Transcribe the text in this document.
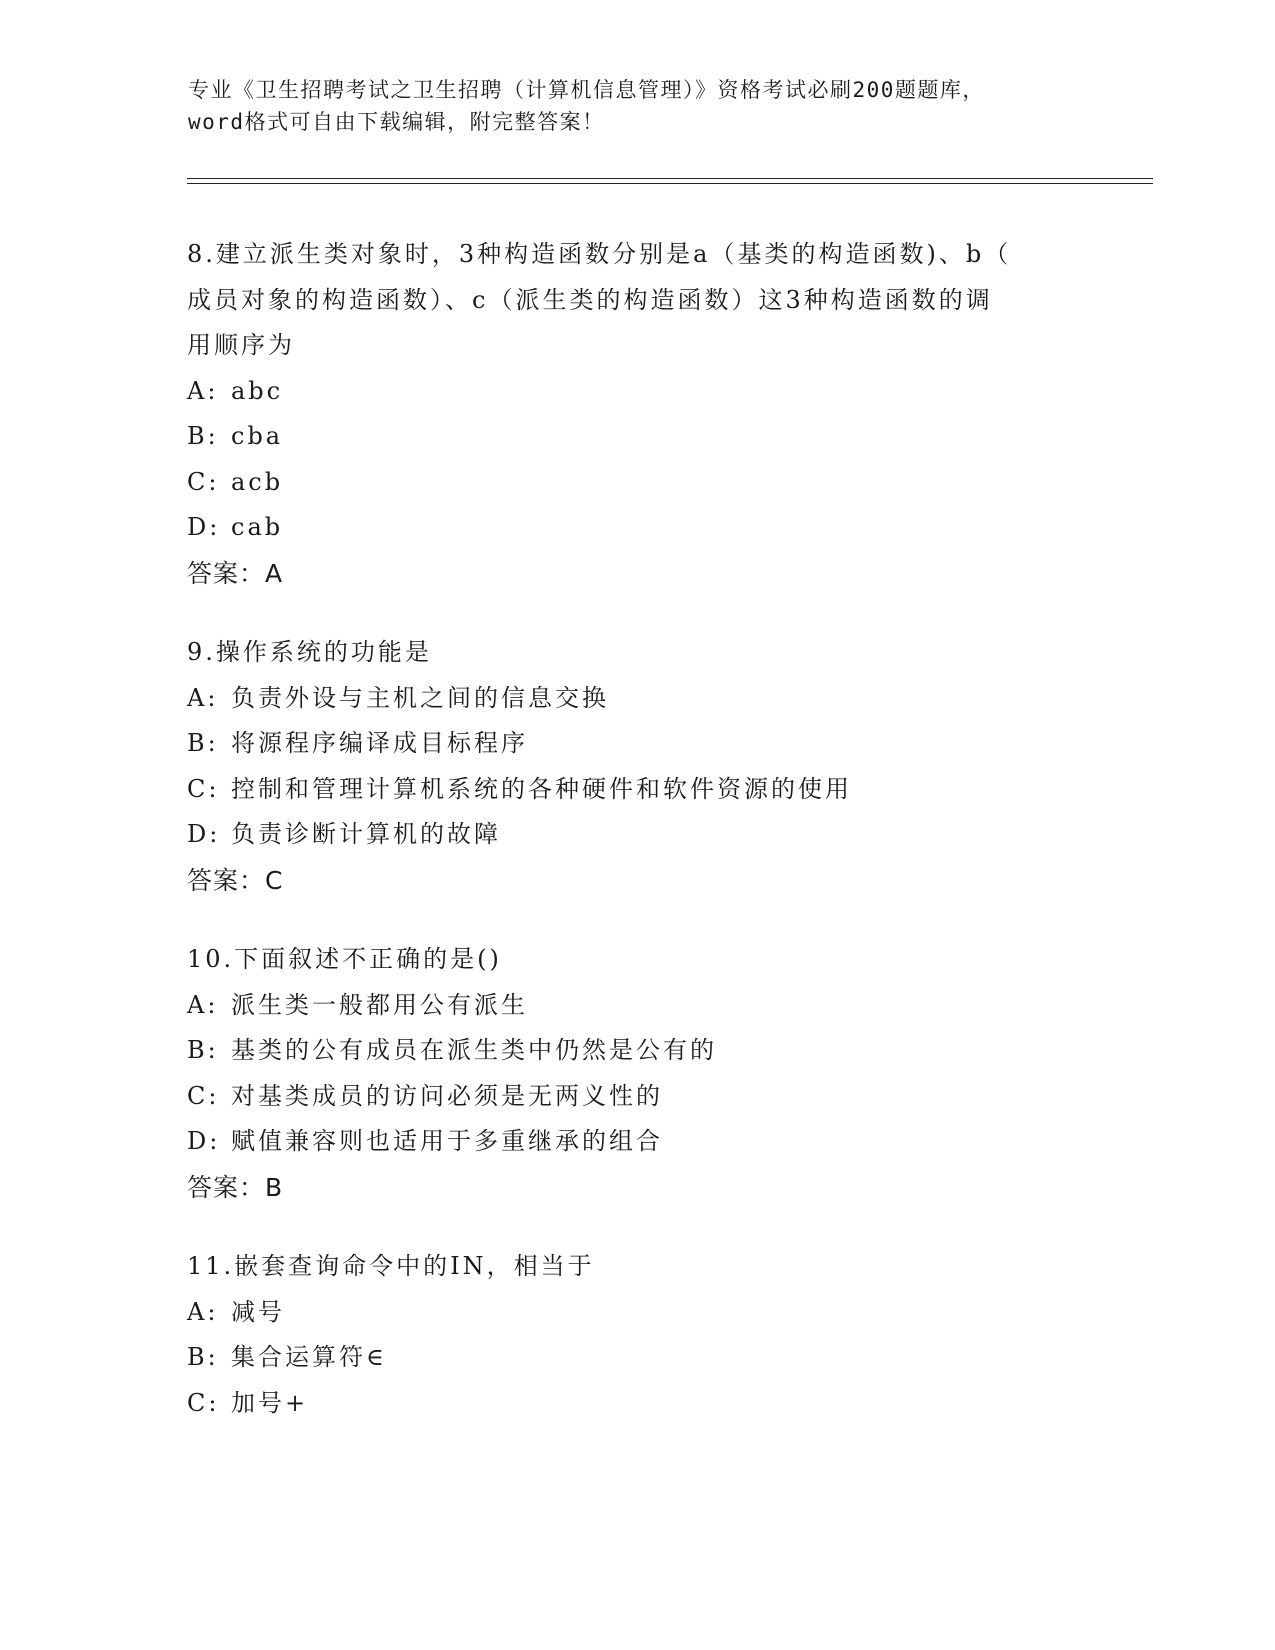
专业《卫生招聘考试之卫生招聘（计算机信息管理）》资格考试必刷200题题库，
word格式可自由下载编辑，附完整答案！
8.建立派生类对象时，3种构造函数分别是a（基类的构造函数)、b（
成员对象的构造函数）、c（派生类的构造函数）这3种构造函数的调
用顺序为
A: abc
B: cba
C: acb
D: cab
答案：A
9.操作系统的功能是
A: 负责外设与主机之间的信息交换
B: 将源程序编译成目标程序
C: 控制和管理计算机系统的各种硬件和软件资源的使用
D: 负责诊断计算机的故障
答案：C
10.下面叙述不正确的是()
A: 派生类一般都用公有派生
B: 基类的公有成员在派生类中仍然是公有的
C: 对基类成员的访问必须是无两义性的
D: 赋值兼容则也适用于多重继承的组合
答案：B
11.嵌套查询命令中的IN，相当于
A: 减号
B: 集合运算符∈
C: 加号+
